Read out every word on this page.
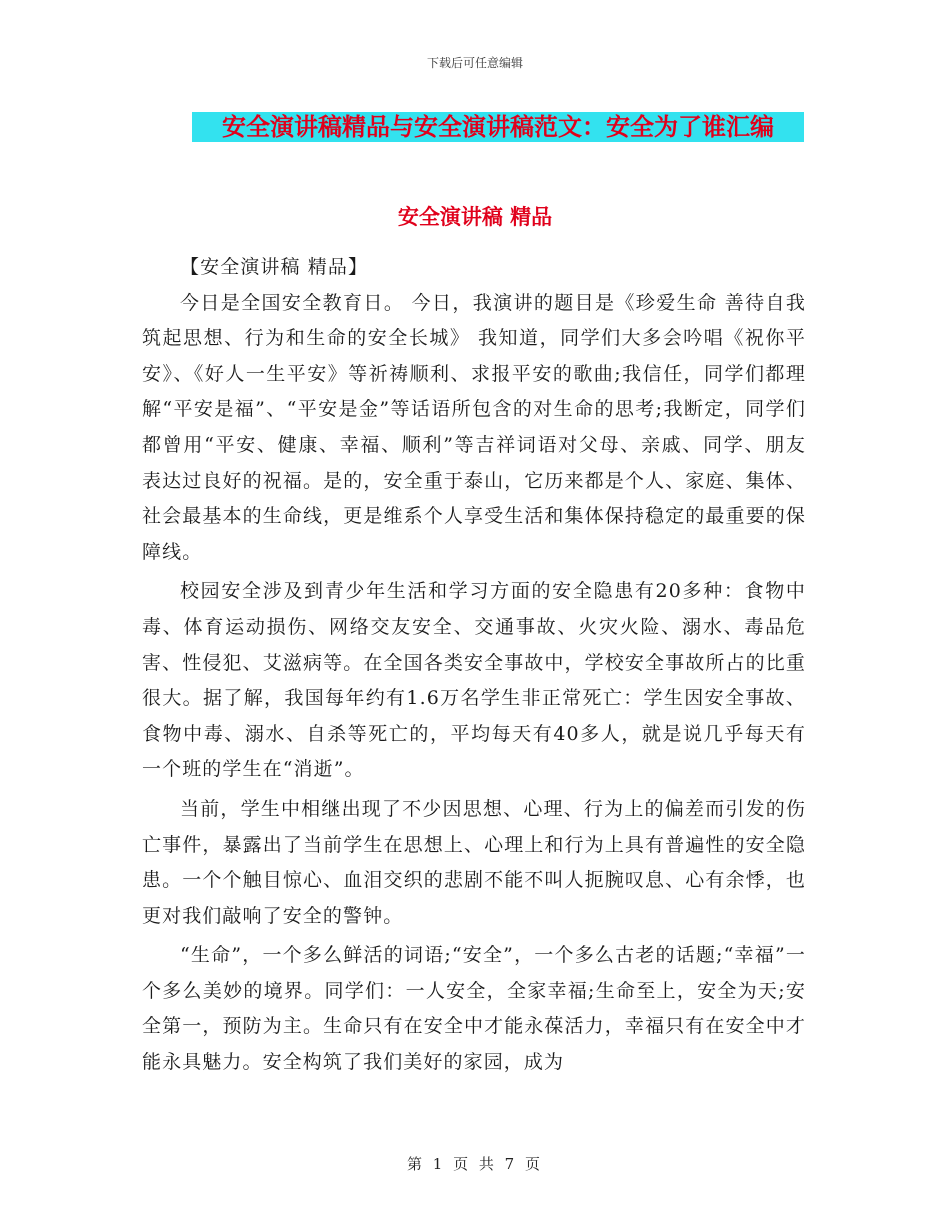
下载后可任意编辑
安全演讲稿精品与安全演讲稿范文：安全为了谁汇编
安全演讲稿 精品

【安全演讲稿 精品】

今日是全国安全教育日。 今日，我演讲的题目是《珍爱生命 善待自我 筑起思想、行为和生命的安全长城》 我知道，同学们大多会吟唱《祝你平安》、《好人一生平安》等祈祷顺利、求报平安的歌曲;我信任，同学们都理解“平安是福”、“平安是金”等话语所包含的对生命的思考;我断定，同学们都曾用“平安、健康、幸福、顺利”等吉祥词语对父母、亲戚、同学、朋友表达过良好的祝福。是的，安全重于泰山，它历来都是个人、家庭、集体、社会最基本的生命线，更是维系个人享受生活和集体保持稳定的最重要的保障线。

校园安全涉及到青少年生活和学习方面的安全隐患有20多种：食物中毒、体育运动损伤、网络交友安全、交通事故、火灾火险、溺水、毒品危害、性侵犯、艾滋病等。在全国各类安全事故中，学校安全事故所占的比重很大。据了解，我国每年约有1.6万名学生非正常死亡：学生因安全事故、食物中毒、溺水、自杀等死亡的，平均每天有40多人，就是说几乎每天有一个班的学生在“消逝”。

当前，学生中相继出现了不少因思想、心理、行为上的偏差而引发的伤亡事件，暴露出了当前学生在思想上、心理上和行为上具有普遍性的安全隐患。一个个触目惊心、血泪交织的悲剧不能不叫人扼腕叹息、心有余悸，也更对我们敲响了安全的警钟。

“生命”，一个多么鲜活的词语;“安全”，一个多么古老的话题;“幸福”一个多么美妙的境界。同学们：一人安全，全家幸福;生命至上，安全为天;安全第一，预防为主。生命只有在安全中才能永葆活力，幸福只有在安全中才能永具魅力。安全构筑了我们美好的家园，成为

第 1 页 共 7 页
